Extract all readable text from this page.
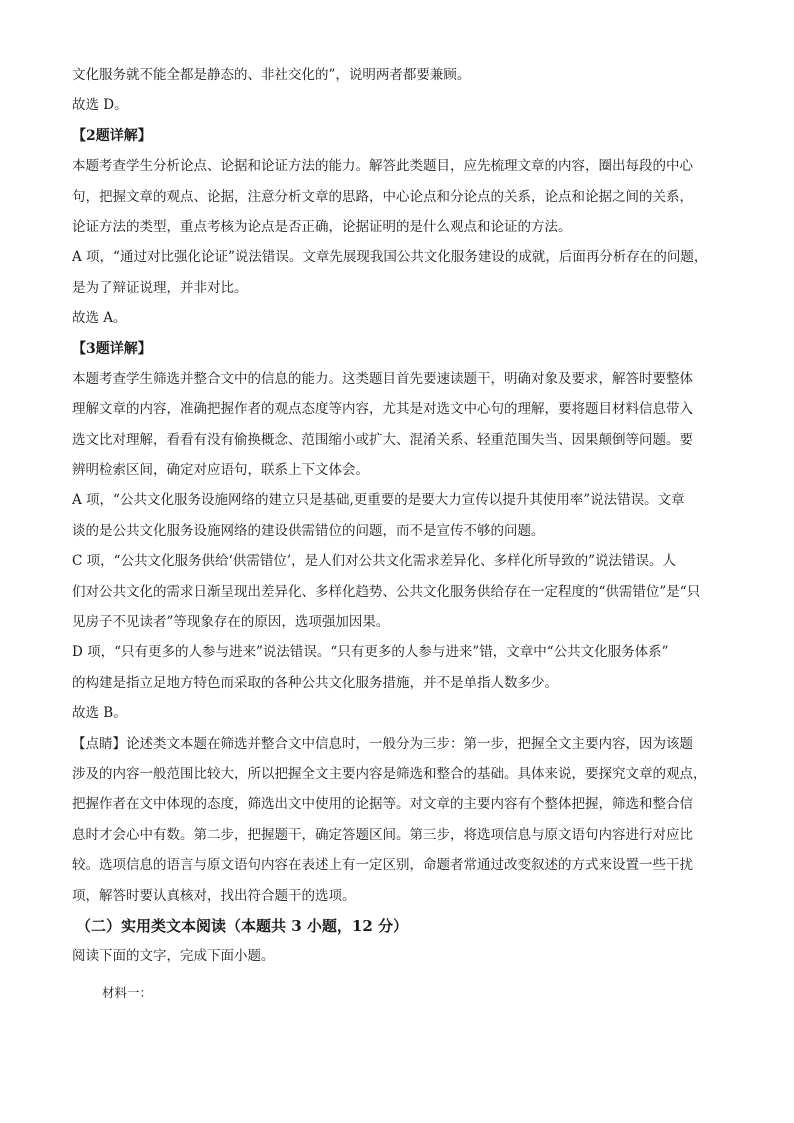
文化服务就不能全都是静态的、非社交化的”，说明两者都要兼顾。
故选 D。
【2题详解】
本题考查学生分析论点、论据和论证方法的能力。解答此类题目，应先梳理文章的内容，圈出每段的中心
句，把握文章的观点、论据，注意分析文章的思路，中心论点和分论点的关系，论点和论据之间的关系，
论证方法的类型，重点考核为论点是否正确，论据证明的是什么观点和论证的方法。
A 项，“通过对比强化论证”说法错误。文章先展现我国公共文化服务建设的成就，后面再分析存在的问题，
是为了辩证说理，并非对比。
故选 A。
【3题详解】
本题考查学生筛选并整合文中的信息的能力。这类题目首先要速读题干，明确对象及要求，解答时要整体
理解文章的内容，准确把握作者的观点态度等内容，尤其是对选文中心句的理解，要将题目材料信息带入
选文比对理解，看看有没有偷换概念、范围缩小或扩大、混淆关系、轻重范围失当、因果颠倒等问题。要
辨明检索区间，确定对应语句，联系上下文体会。
A 项，“公共文化服务设施网络的建立只是基础,更重要的是要大力宣传以提升其使用率”说法错误。文章
谈的是公共文化服务设施网络的建设供需错位的问题，而不是宣传不够的问题。
C 项，“公共文化服务供给‘供需错位’，是人们对公共文化需求差异化、多样化所导致的”说法错误。人
们对公共文化的需求日渐呈现出差异化、多样化趋势、公共文化服务供给存在一定程度的“供需错位”是“只
见房子不见读者”等现象存在的原因，选项强加因果。
D 项，“只有更多的人参与进来”说法错误。“只有更多的人参与进来”错，文章中“公共文化服务体系”
的构建是指立足地方特色而采取的各种公共文化服务措施，并不是单指人数多少。
故选 B。
【点睛】论述类文本题在筛选并整合文中信息时，一般分为三步：第一步，把握全文主要内容，因为该题
涉及的内容一般范围比较大，所以把握全文主要内容是筛选和整合的基础。具体来说，要探究文章的观点，
把握作者在文中体现的态度，筛选出文中使用的论据等。对文章的主要内容有个整体把握，筛选和整合信
息时才会心中有数。第二步，把握题干，确定答题区间。第三步，将选项信息与原文语句内容进行对应比
较。选项信息的语言与原文语句内容在表述上有一定区别，命题者常通过改变叙述的方式来设置一些干扰
项，解答时要认真核对，找出符合题干的选项。
（二）实用类文本阅读（本题共 3 小题，12 分）
阅读下面的文字，完成下面小题。
材料一：
